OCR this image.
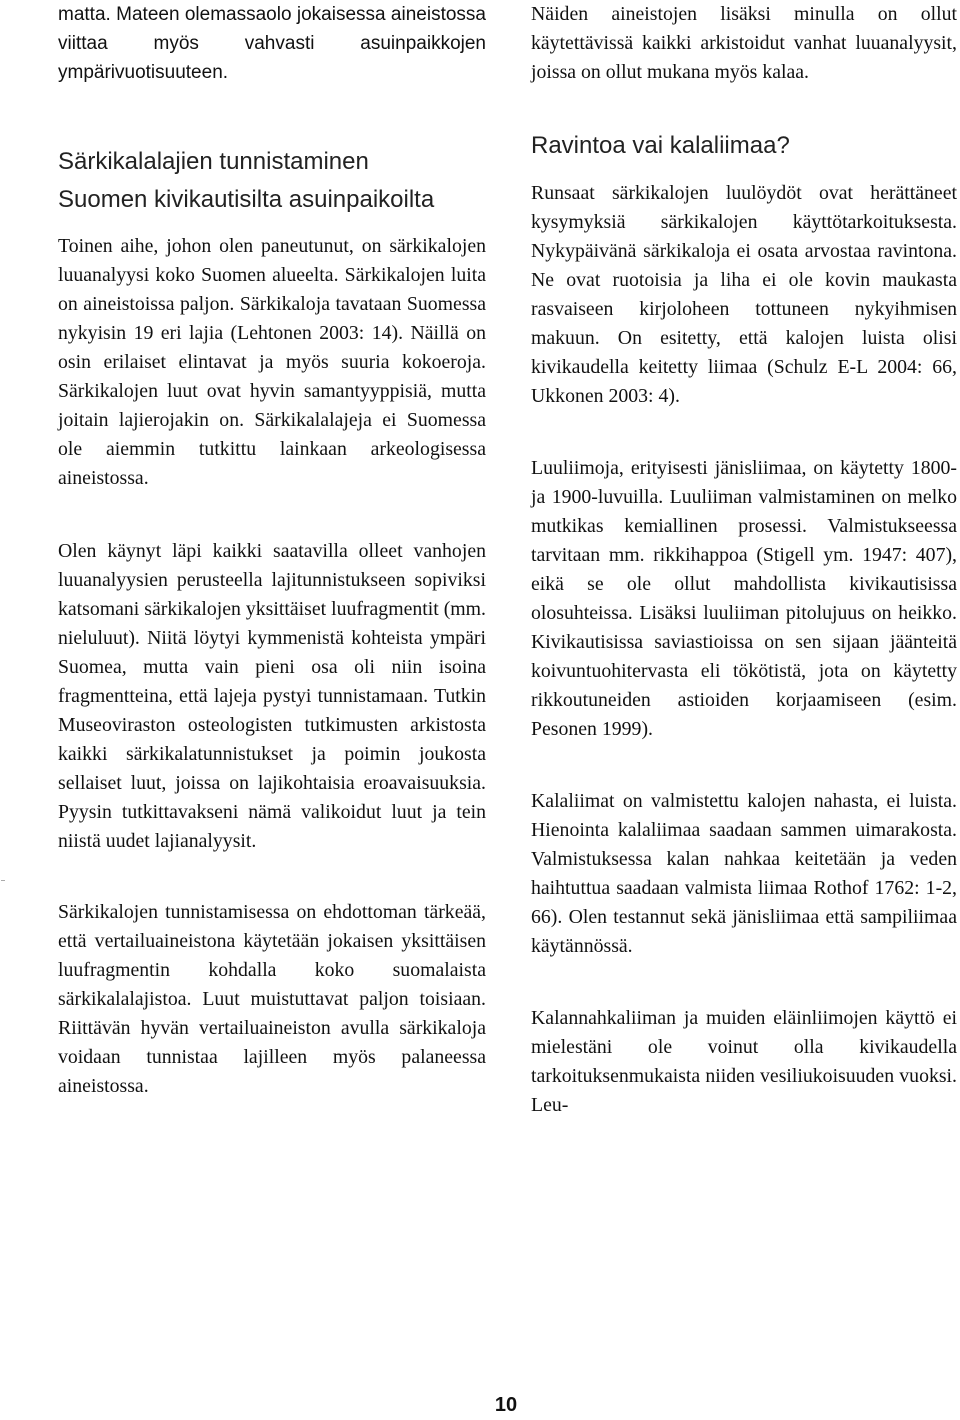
matta. Mateen olemassaolo jokaisessa aineistossa viittaa myös vahvasti asuinpaikkojen ympärivuotisuuteen.

Särkikalalajien tunnistaminen Suomen kivikautisilta asuinpaikoilta

Toinen aihe, johon olen paneutunut, on särkikalojen luuanalyysi koko Suomen alueelta. Särkikalojen luita on aineistoissa paljon. Särkikaloja tavataan Suomessa nykyisin 19 eri lajia (Lehtonen 2003: 14). Näillä on osin erilaiset elintavat ja myös suuria kokoeroja. Särkikalojen luut ovat hyvin samantyyppisiä, mutta joitain lajierojakin on. Särkikalalajeja ei Suomessa ole aiemmin tutkittu lainkaan arkeologisessa aineistossa.

Olen käynyt läpi kaikki saatavilla olleet vanhojen luuanalyysien perusteella lajitunnistukseen sopiviksi katsomani särkikalojen yksittäiset luufragmentit (mm. nieluluut). Niitä löytyi kymmenistä kohteista ympäri Suomea, mutta vain pieni osa oli niin isoina fragmentteina, että lajeja pystyi tunnistamaan. Tutkin Museoviraston osteologisten tutkimusten arkistosta kaikki särkikalatunnistukset ja poimin joukosta sellaiset luut, joissa on lajikohtaisia eroavaisuuksia. Pyysin tutkittavakseni nämä valikoidut luut ja tein niistä uudet lajianalyysit.

Särkikalojen tunnistamisessa on ehdottoman tärkeää, että vertailuaineistona käytetään jokaisen yksittäisen luufragmentin kohdalla koko suomalaista särkikalalajistoa. Luut muistuttavat paljon toisiaan. Riittävän hyvän vertailuaineiston avulla särkikaloja voidaan tunnistaa lajilleen myös palaneessa aineistossa.

Näiden aineistojen lisäksi minulla on ollut käytettävissä kaikki arkistoidut vanhat luuanalyysit, joissa on ollut mukana myös kalaa.

Ravintoa vai kalaliimaa?

Runsaat särkikalojen luulöydöt ovat herättäneet kysymyksiä särkikalojen käyttötarkoituksesta. Nykypäivänä särkikaloja ei osata arvostaa ravintona. Ne ovat ruotoisia ja liha ei ole kovin maukasta rasvaiseen kirjoloheen tottuneen nykyihmisen makuun. On esitetty, että kalojen luista olisi kivikaudella keitetty liimaa (Schulz E-L 2004: 66, Ukkonen 2003: 4).

Luuliimoja, erityisesti jänisliimaa, on käytetty 1800- ja 1900-luvuilla. Luuliiman valmistaminen on melko mutkikas kemiallinen prosessi. Valmistukseessa tarvitaan mm. rikkihappoa (Stigell ym. 1947: 407), eikä se ole ollut mahdollista kivikautisissa olosuhteissa. Lisäksi luuliiman pitolujuus on heikko. Kivikautisissa saviastioissa on sen sijaan jäänteitä koivuntuohitervasta eli tökötistä, jota on käytetty rikkoutuneiden astioiden korjaamiseen (esim. Pesonen 1999).

Kalaliimat on valmistettu kalojen nahasta, ei luista. Hienointa kalaliimaa saadaan sammen uimarakosta. Valmistuksessa kalan nahkaa keitetään ja veden haihtuttua saadaan valmista liimaa Rothof 1762: 1-2, 66). Olen testannut sekä jänisliimaa että sampiliimaa käytännössä.

Kalannahkaliiman ja muiden eläinliimojen käyttö ei mielestäni ole voinut olla kivikaudella tarkoituksenmukaista niiden vesiliukoisuuden vuoksi. Leu-

10
